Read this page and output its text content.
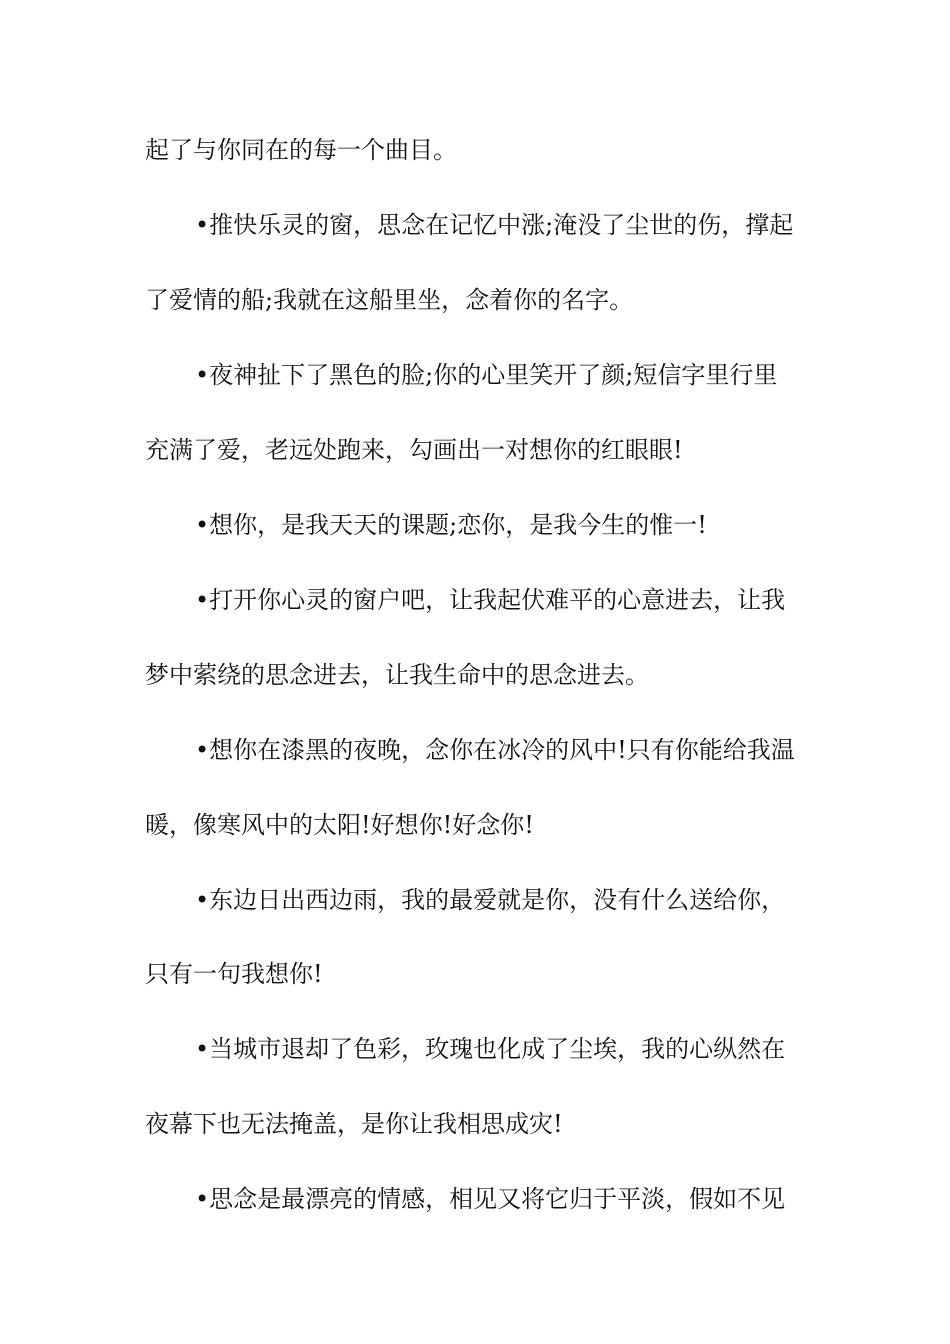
起了与你同在的每一个曲目。
•推快乐灵的窗，思念在记忆中涨;淹没了尘世的伤，撑起
了爱情的船;我就在这船里坐，念着你的名字。
•夜神扯下了黑色的脸;你的心里笑开了颜;短信字里行里
充满了爱，老远处跑来，勾画出一对想你的红眼眼!
•想你，是我天天的课题;恋你，是我今生的惟一!
•打开你心灵的窗户吧，让我起伏难平的心意进去，让我
梦中萦绕的思念进去，让我生命中的思念进去。
•想你在漆黑的夜晚，念你在冰冷的风中!只有你能给我温
暖，像寒风中的太阳!好想你!好念你!
•东边日出西边雨，我的最爱就是你，没有什么送给你，
只有一句我想你!
•当城市退却了色彩，玫瑰也化成了尘埃，我的心纵然在
夜幕下也无法掩盖，是你让我相思成灾!
•思念是最漂亮的情感，相见又将它归于平淡，假如不见
